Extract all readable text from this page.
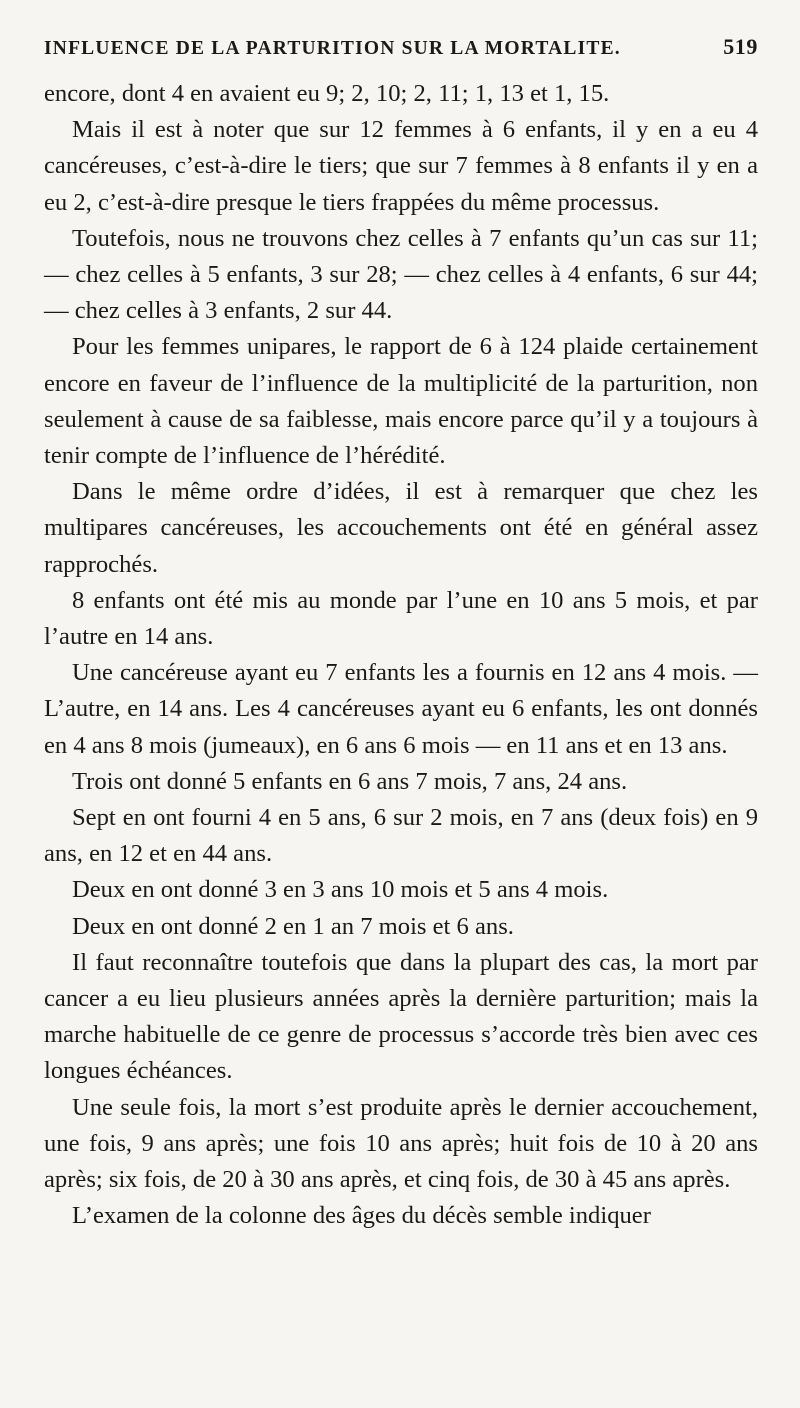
INFLUENCE DE LA PARTURITION SUR LA MORTALITE.	519

encore, dont 4 en avaient eu 9; 2, 10; 2, 11; 1, 13 et 1, 15.

Mais il est à noter que sur 12 femmes à 6 enfants, il y en a eu 4 cancéreuses, c’est-à-dire le tiers; que sur 7 femmes à 8 enfants il y en a eu 2, c’est-à-dire presque le tiers frappées du même processus.

Toutefois, nous ne trouvons chez celles à 7 enfants qu’un cas sur 11; — chez celles à 5 enfants, 3 sur 28; — chez celles à 4 enfants, 6 sur 44; — chez celles à 3 enfants, 2 sur 44.

Pour les femmes unipares, le rapport de 6 à 124 plaide certainement encore en faveur de l’influence de la multiplicité de la parturition, non seulement à cause de sa faiblesse, mais encore parce qu’il y a toujours à tenir compte de l’influence de l’hérédité.

Dans le même ordre d’idées, il est à remarquer que chez les multipares cancéreuses, les accouchements ont été en général assez rapprochés.

8 enfants ont été mis au monde par l’une en 10 ans 5 mois, et par l’autre en 14 ans.

Une cancéreuse ayant eu 7 enfants les a fournis en 12 ans 4 mois. — L’autre, en 14 ans. Les 4 cancéreuses ayant eu 6 enfants, les ont donnés en 4 ans 8 mois (jumeaux), en 6 ans 6 mois — en 11 ans et en 13 ans.

Trois ont donné 5 enfants en 6 ans 7 mois, 7 ans, 24 ans.

Sept en ont fourni 4 en 5 ans, 6 sur 2 mois, en 7 ans (deux fois) en 9 ans, en 12 et en 44 ans.

Deux en ont donné 3 en 3 ans 10 mois et 5 ans 4 mois.

Deux en ont donné 2 en 1 an 7 mois et 6 ans.

Il faut reconnaître toutefois que dans la plupart des cas, la mort par cancer a eu lieu plusieurs années après la dernière parturition; mais la marche habituelle de ce genre de processus s’accorde très bien avec ces longues échéances.

Une seule fois, la mort s’est produite après le dernier accouchement, une fois, 9 ans après; une fois 10 ans après; huit fois de 10 à 20 ans après; six fois, de 20 à 30 ans après, et cinq fois, de 30 à 45 ans après.

L’examen de la colonne des âges du décès semble indiquer
